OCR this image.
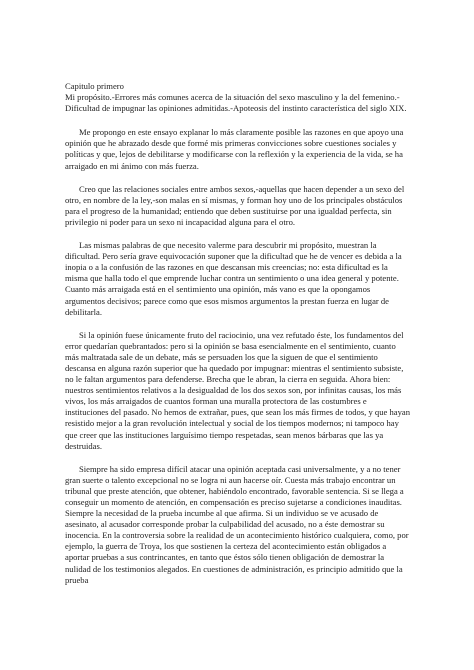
Capitulo primero

Mi propósito.-Errores más comunes acerca de la situación del sexo masculino y la del femenino.-Dificultad de impugnar las opiniones admitidas.-Apoteosis del instinto característica del siglo XIX.

Me propongo en este ensayo explanar lo más claramente posible las razones en que apoyo una opinión que he abrazado desde que formé mis primeras convicciones sobre cuestiones sociales y políticas y que, lejos de debilitarse y modificarse con la reflexión y la experiencia de la vida, se ha arraigado en mi ánimo con más fuerza.

Creo que las relaciones sociales entre ambos sexos,-aquellas que hacen depender a un sexo del otro, en nombre de la ley,-son malas en sí mismas, y forman hoy uno de los principales obstáculos para el progreso de la humanidad; entiendo que deben sustituirse por una igualdad perfecta, sin privilegio ni poder para un sexo ni incapacidad alguna para el otro.

Las mismas palabras de que necesito valerme para descubrir mi propósito, muestran la dificultad. Pero sería grave equivocación suponer que la dificultad que he de vencer es debida a la inopia o a la confusión de las razones en que descansan mis creencias; no: esta dificultad es la misma que halla todo el que emprende luchar contra un sentimiento o una idea general y potente. Cuanto más arraigada está en el sentimiento una opinión, más vano es que la opongamos argumentos decisivos; parece como que esos mismos argumentos la prestan fuerza en lugar de debilitarla.

Si la opinión fuese únicamente fruto del raciocinio, una vez refutado éste, los fundamentos del error quedarían quebrantados: pero si la opinión se basa esencialmente en el sentimiento, cuanto más maltratada sale de un debate, más se persuaden los que la siguen de que el sentimiento descansa en alguna razón superior que ha quedado por impugnar: mientras el sentimiento subsiste, no le faltan argumentos para defenderse. Brecha que le abran, la cierra en seguida. Ahora bien: nuestros sentimientos relativos a la desigualdad de los dos sexos son, por infinitas causas, los más vivos, los más arraigados de cuantos forman una muralla protectora de las costumbres e instituciones del pasado. No hemos de extrañar, pues, que sean los más firmes de todos, y que hayan resistido mejor a la gran revolución intelectual y social de los tiempos modernos; ni tampoco hay que creer que las instituciones larguísimo tiempo respetadas, sean menos bárbaras que las ya destruidas.

Siempre ha sido empresa difícil atacar una opinión aceptada casi universalmente, y a no tener gran suerte o talento excepcional no se logra ni aun hacerse oír. Cuesta más trabajo encontrar un tribunal que preste atención, que obtener, habiéndolo encontrado, favorable sentencia. Si se llega a conseguir un momento de atención, en compensación es preciso sujetarse a condiciones inauditas. Siempre la necesidad de la prueba incumbe al que afirma. Si un individuo se ve acusado de asesinato, al acusador corresponde probar la culpabilidad del acusado, no a éste demostrar su inocencia. En la controversia sobre la realidad de un acontecimiento histórico cualquiera, como, por ejemplo, la guerra de Troya, los que sostienen la certeza del acontecimiento están obligados a aportar pruebas a sus contrincantes, en tanto que éstos sólo tienen obligación de demostrar la nulidad de los testimonios alegados. En cuestiones de administración, es principio admitido que la prueba
